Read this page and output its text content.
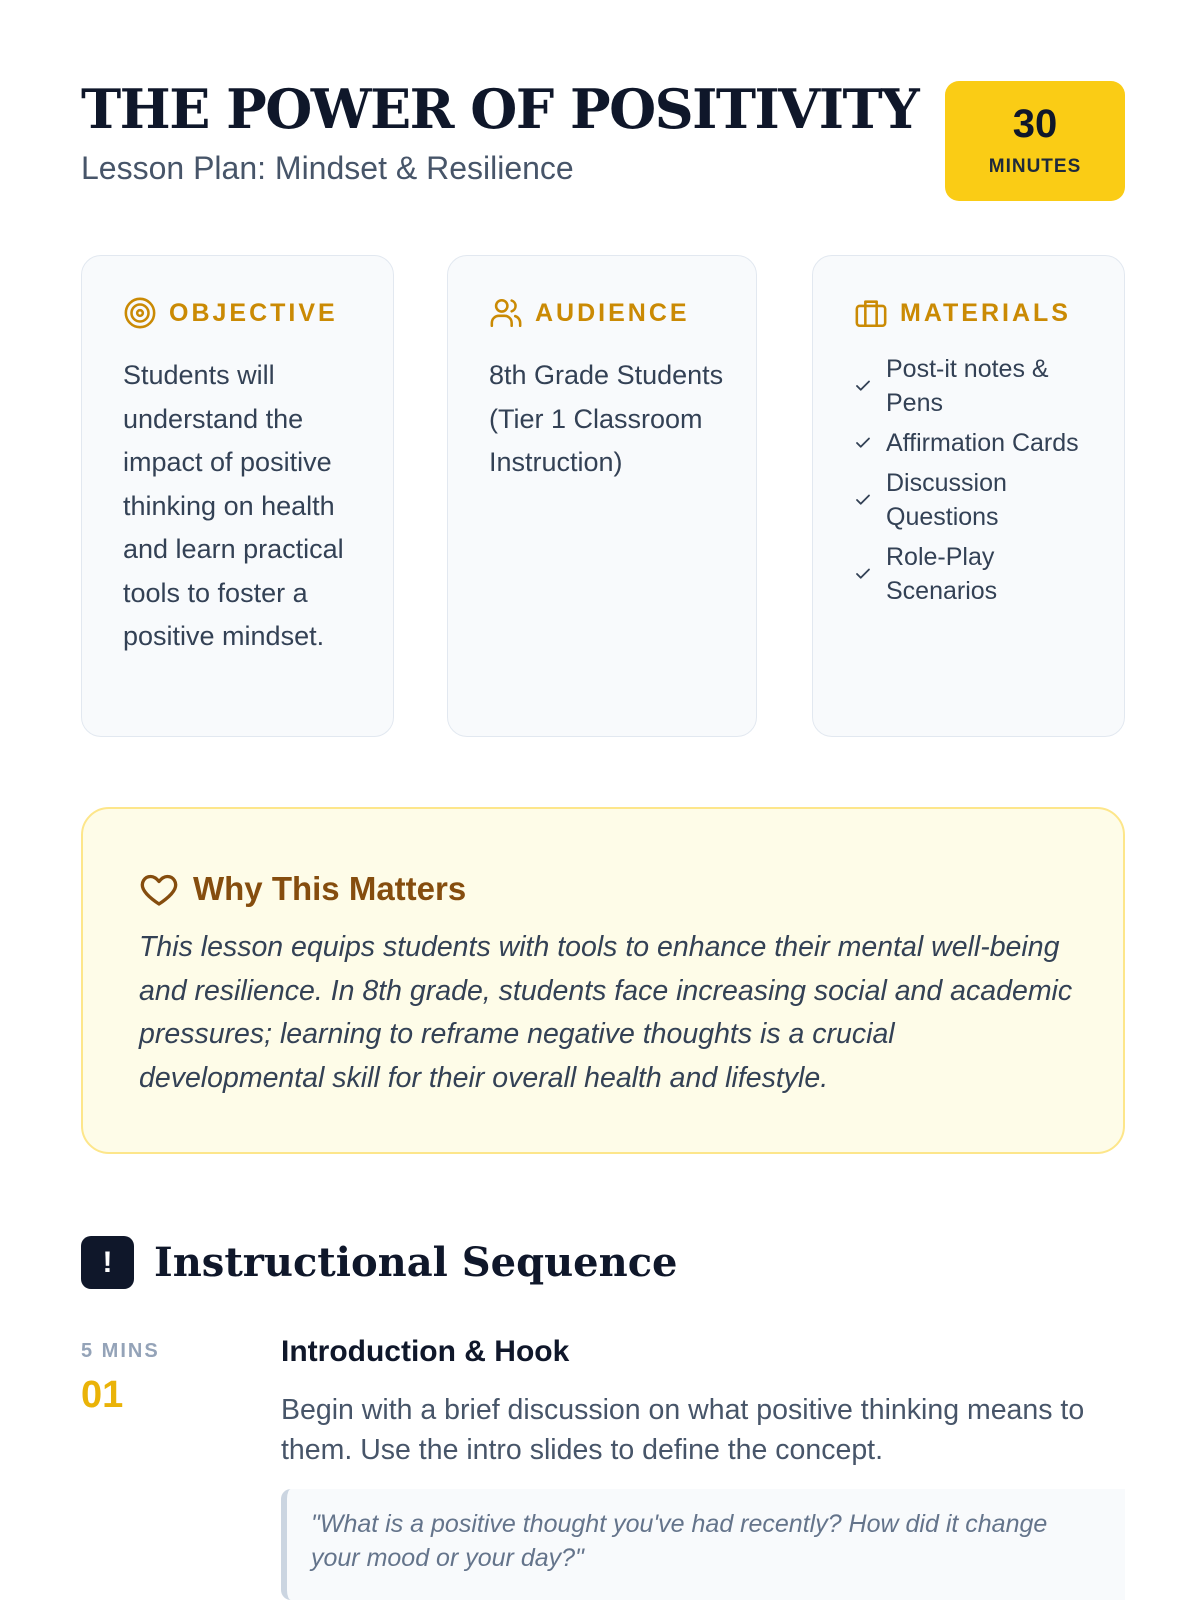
THE POWER OF POSITIVITY

Lesson Plan: Mindset & Resilience

30
MINUTES
OBJECTIVE
Students will understand the impact of positive thinking on health and learn practical tools to foster a positive mindset.
AUDIENCE
8th Grade Students (Tier 1 Classroom Instruction)
MATERIALS
Post-it notes & Pens
Affirmation Cards
Discussion Questions
Role-Play Scenarios
Why This Matters
This lesson equips students with tools to enhance their mental well-being and resilience. In 8th grade, students face increasing social and academic pressures; learning to reframe negative thoughts is a crucial developmental skill for their overall health and lifestyle.
!	Instructional Sequence
5 MINS
01
Introduction & Hook
Begin with a brief discussion on what positive thinking means to them. Use the intro slides to define the concept.
"What is a positive thought you've had recently? How did it change your mood or your day?"
